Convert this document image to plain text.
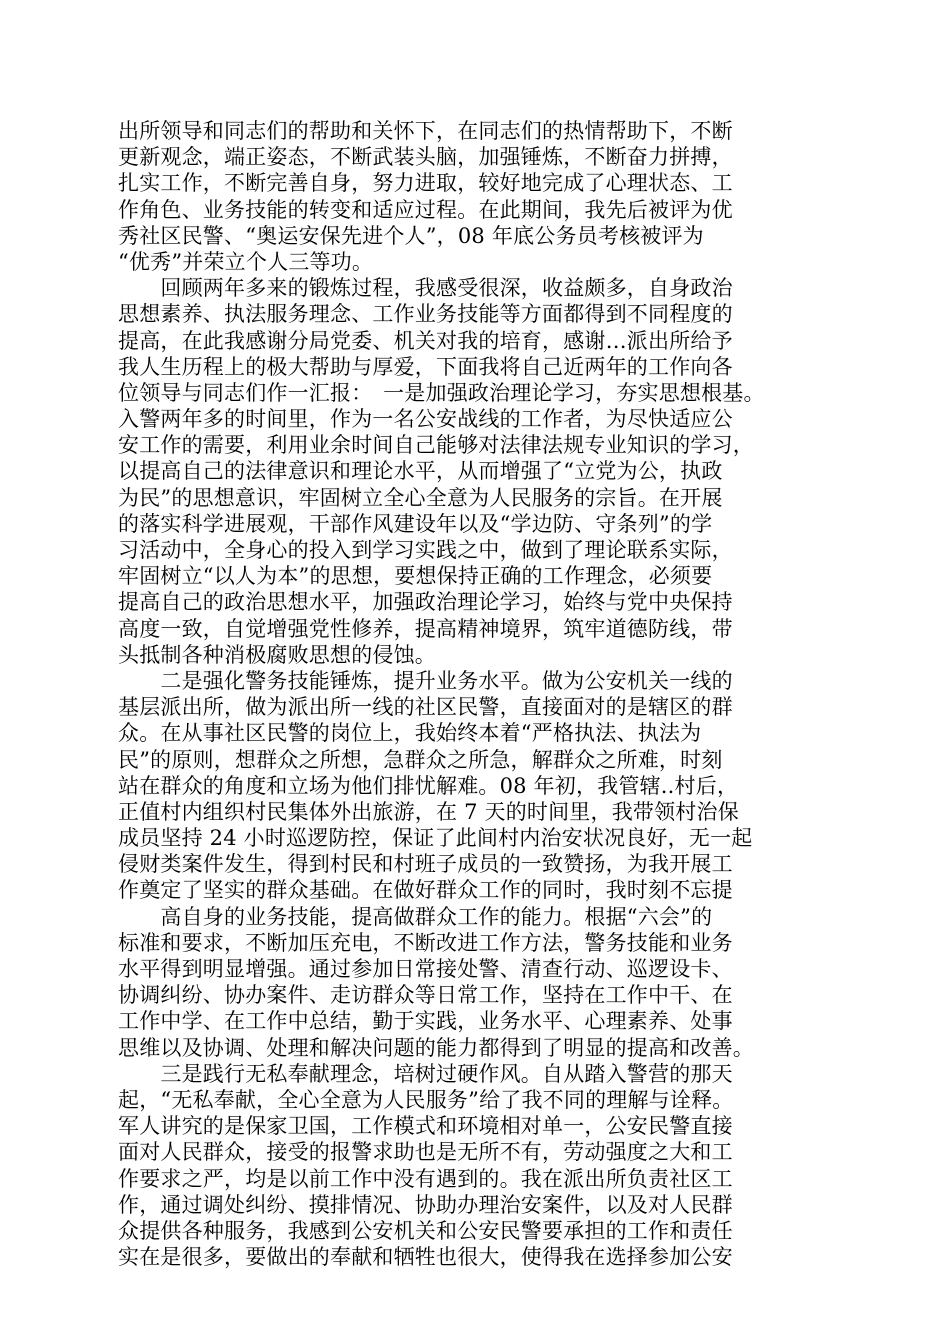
出所领导和同志们的帮助和关怀下，在同志们的热情帮助下，不断
更新观念，端正姿态，不断武装头脑，加强锤炼，不断奋力拼搏，
扎实工作，不断完善自身，努力进取，较好地完成了心理状态、工
作角色、业务技能的转变和适应过程。在此期间，我先后被评为优
秀社区民警、“奥运安保先进个人”，08 年底公务员考核被评为
“优秀”并荣立个人三等功。
　　回顾两年多来的锻炼过程，我感受很深，收益颇多，自身政治
思想素养、执法服务理念、工作业务技能等方面都得到不同程度的
提高，在此我感谢分局党委、机关对我的培育，感谢…派出所给予
我人生历程上的极大帮助与厚爱，下面我将自己近两年的工作向各
位领导与同志们作一汇报：　一是加强政治理论学习，夯实思想根基。
入警两年多的时间里，作为一名公安战线的工作者，为尽快适应公
安工作的需要，利用业余时间自己能够对法律法规专业知识的学习，
以提高自己的法律意识和理论水平，从而增强了“立党为公，执政
为民”的思想意识，牢固树立全心全意为人民服务的宗旨。在开展
的落实科学进展观，干部作风建设年以及“学边防、守条列”的学
习活动中，全身心的投入到学习实践之中，做到了理论联系实际，
牢固树立“以人为本”的思想，要想保持正确的工作理念，必须要
提高自己的政治思想水平，加强政治理论学习，始终与党中央保持
高度一致，自觉增强党性修养，提高精神境界，筑牢道德防线，带
头抵制各种消极腐败思想的侵蚀。
　　二是强化警务技能锤炼，提升业务水平。做为公安机关一线的
基层派出所，做为派出所一线的社区民警，直接面对的是辖区的群
众。在从事社区民警的岗位上，我始终本着“严格执法、执法为
民”的原则，想群众之所想，急群众之所急，解群众之所难，时刻
站在群众的角度和立场为他们排忧解难。08 年初，我管辖..村后，
正值村内组织村民集体外出旅游，在 7 天的时间里，我带领村治保
成员坚持 24 小时巡逻防控，保证了此间村内治安状况良好，无一起
侵财类案件发生，得到村民和村班子成员的一致赞扬，为我开展工
作奠定了坚实的群众基础。在做好群众工作的同时，我时刻不忘提
　　高自身的业务技能，提高做群众工作的能力。根据“六会”的
标准和要求，不断加压充电，不断改进工作方法，警务技能和业务
水平得到明显增强。通过参加日常接处警、清查行动、巡逻设卡、
协调纠纷、协办案件、走访群众等日常工作，坚持在工作中干、在
工作中学、在工作中总结，勤于实践，业务水平、心理素养、处事
思维以及协调、处理和解决问题的能力都得到了明显的提高和改善。
　　三是践行无私奉献理念，培树过硬作风。自从踏入警营的那天
起，“无私奉献，全心全意为人民服务”给了我不同的理解与诠释。
军人讲究的是保家卫国，工作模式和环境相对单一，公安民警直接
面对人民群众，接受的报警求助也是无所不有，劳动强度之大和工
作要求之严，均是以前工作中没有遇到的。我在派出所负责社区工
作，通过调处纠纷、摸排情况、协助办理治安案件，以及对人民群
众提供各种服务，我感到公安机关和公安民警要承担的工作和责任
实在是很多，要做出的奉献和牺牲也很大，使得我在选择参加公安
